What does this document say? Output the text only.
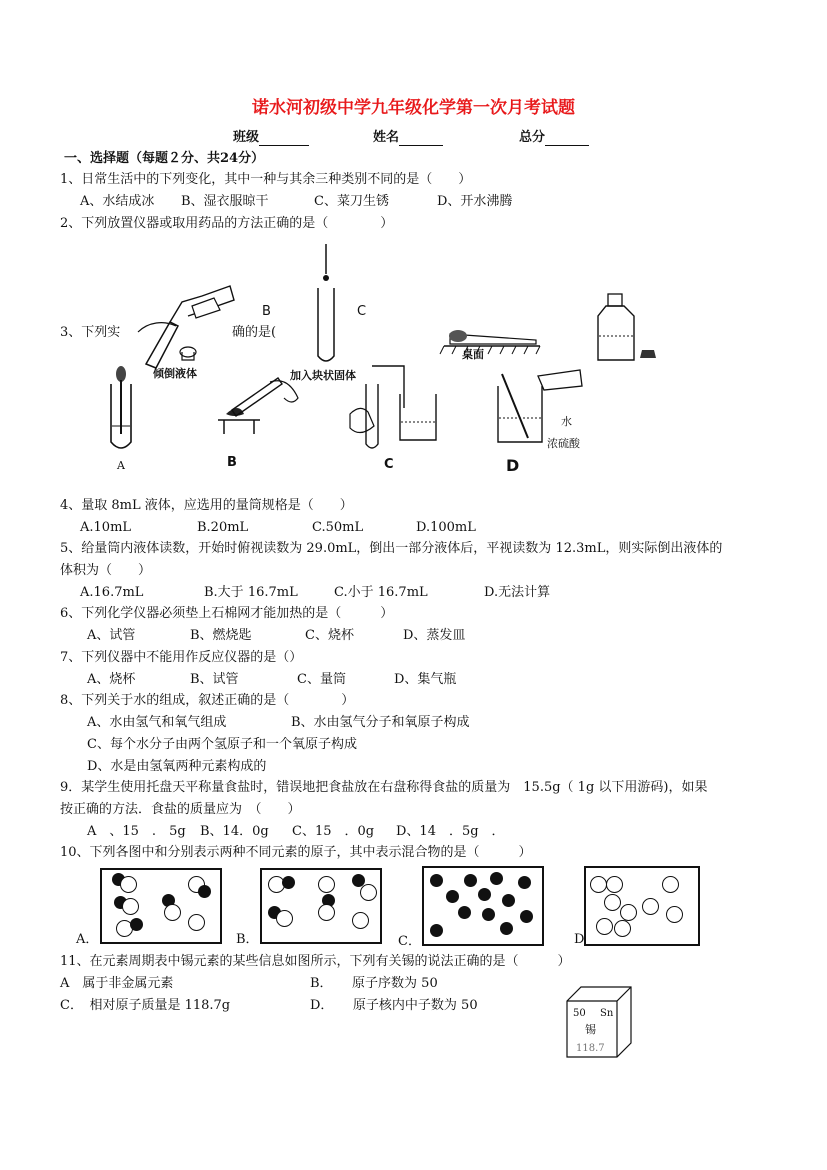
诺水河初级中学九年级化学第一次月考试题
班级	姓名	总分
一、选择题（每题２分、共24分）
1、日常生活中的下列变化，其中一种与其余三种类别不同的是（　　）
A、水结成冰 B、湿衣服晾干	C、菜刀生锈	D、开水沸腾
2、下列放置仪器或取用药品的方法正确的是（　　　　）
3、下列实	确的是(
倾倒液体
B
加入块状固体
C
桌面
A	B	C	D
水
浓硫酸
4、量取 8mL 液体，应选用的量筒规格是（　　）
A.10mL	B.20mL	C.50mL	D.100mL
5、给量筒内液体读数，开始时俯视读数为 29.0mL，倒出一部分液体后，平视读数为 12.3mL，则实际倒出液体的
体积为（　　）
A.16.7mL	B.大于 16.7mL	C.小于 16.7mL	D.无法计算
6、下列化学仪器必须垫上石棉网才能加热的是（　　　）
A、试管	B、燃烧匙	C、烧杯	D、蒸发皿
7、下列仪器中不能用作反应仪器的是（）
A、烧杯	B、试管	C、量筒	D、集气瓶
8、下列关于水的组成，叙述正确的是（　　　　）
A、水由氢气和氧气组成	B、水由氢气分子和氧原子构成
C、每个水分子由两个氢原子和一个氧原子构成
D、水是由氢氧两种元素构成的
9．某学生使用托盘天平称量食盐时，错误地把食盐放在右盘称得食盐的质量为　15.5g（ 1g 以下用游码)，如果
按正确的方法．食盐的质量应为　（　　）
A　、15　.　5g B、14．0g C、15　．0g D、14　．5g　．
10、下列各图中和分别表示两种不同元素的原子，其中表示混合物的是（　　　）
A．	B．	C．	D
11、在元素周期表中锡元素的某些信息如图所示，下列有关锡的说法正确的是（　　　）
A　属于非金属元素	B．　　原子序数为 50
C．　相对原子质量是 118.7g	D．　　原子核内中子数为 50
50 Sn
锡
118.7
